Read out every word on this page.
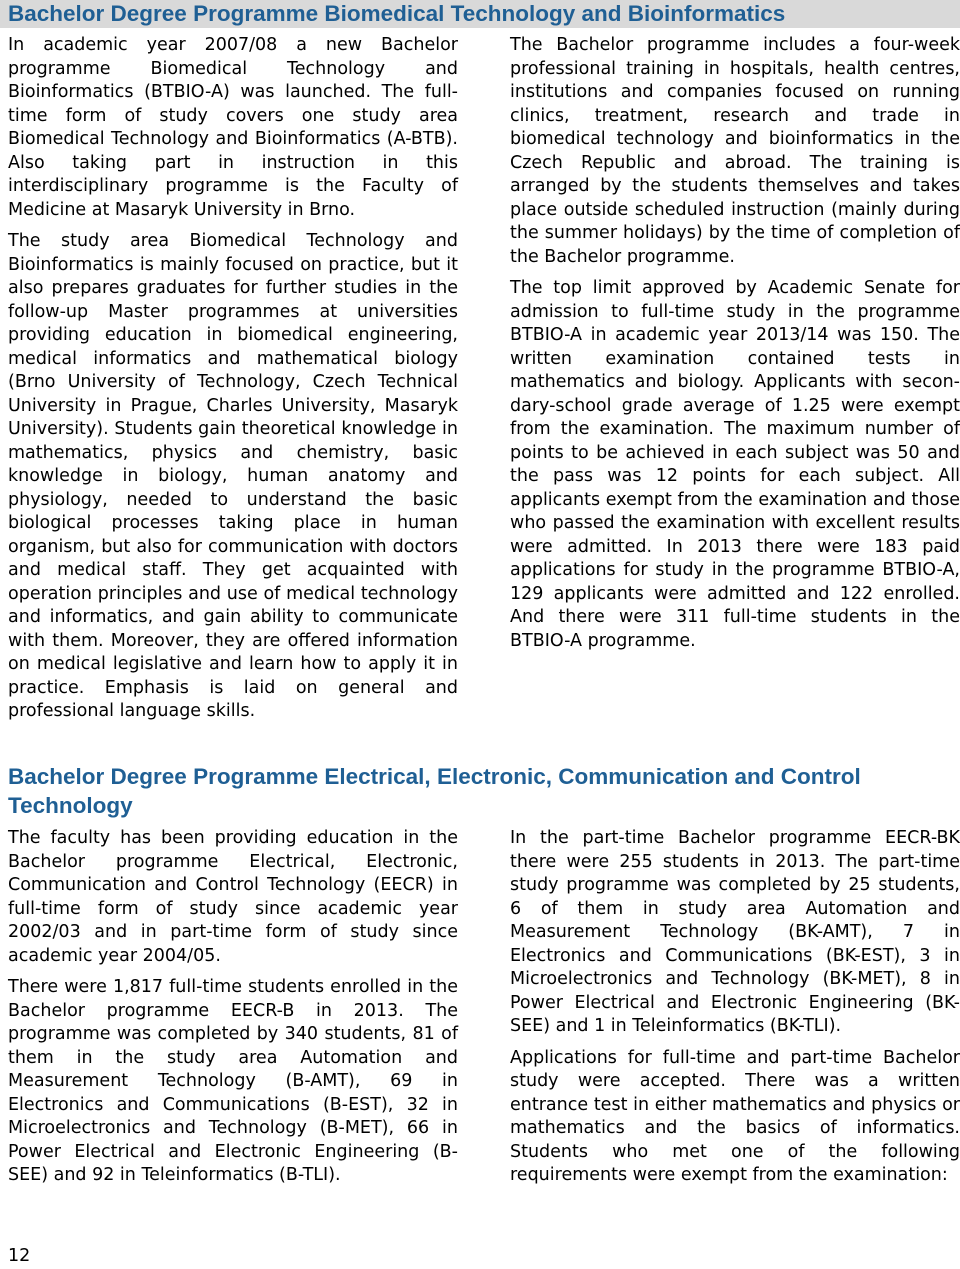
Bachelor Degree Programme Biomedical Technology and Bioinformatics

In academic year 2007/08 a new Bachelor programme Biomedical Technology and Bioinformatics (BTBIO-A) was launched. The full-time form of study covers one study area Biomedical Technology and Bioinformatics (A-BTB). Also taking part in instruction in this interdisciplinary programme is the Faculty of Medicine at Masaryk University in Brno.

The study area Biomedical Technology and Bioinformatics is mainly focused on practice, but it also prepares graduates for further studies in the follow-up Master programmes at universities providing education in biomedical engineering, medical informatics and mathematical biology (Brno University of Technology, Czech Technical University in Prague, Charles University, Masaryk University). Students gain theoretical knowledge in mathematics, physics and chemistry, basic knowledge in biology, human anatomy and physiology, needed to understand the basic biological processes taking place in human organism, but also for communication with doctors and medical staff. They get acquainted with operation principles and use of medical technology and informatics, and gain ability to communicate with them. Moreover, they are offered information on medical legislative and learn how to apply it in practice. Emphasis is laid on general and professional language skills.

The Bachelor programme includes a four-week professional training in hospitals, health centres, institutions and companies focused on running clinics, treatment, research and trade in biomedical technology and bioinformatics in the Czech Republic and abroad. The training is arranged by the students themselves and takes place outside scheduled instruction (mainly during the summer holidays) by the time of completion of the Bachelor programme.

The top limit approved by Academic Senate for admission to full-time study in the programme BTBIO-A in academic year 2013/14 was 150. The written examination contained tests in mathematics and biology. Applicants with secon-dary-school grade average of 1.25 were exempt from the examination. The maximum number of points to be achieved in each subject was 50 and the pass was 12 points for each subject. All applicants exempt from the examination and those who passed the examination with excellent results were admitted. In 2013 there were 183 paid applications for study in the programme BTBIO-A, 129 applicants were admitted and 122 enrolled. And there were 311 full-time students in the BTBIO-A programme.

Bachelor Degree Programme Electrical, Electronic, Communication and Control Technology

The faculty has been providing education in the Bachelor programme Electrical, Electronic, Communication and Control Technology (EECR) in full-time form of study since academic year 2002/03 and in part-time form of study since academic year 2004/05.

There were 1,817 full-time students enrolled in the Bachelor programme EECR-B in 2013. The programme was completed by 340 students, 81 of them in the study area Automation and Measurement Technology (B-AMT), 69 in Electronics and Communications (B-EST), 32 in Microelectronics and Technology (B-MET), 66 in Power Electrical and Electronic Engineering (B-SEE) and 92 in Teleinformatics (B-TLI).

In the part-time Bachelor programme EECR-BK there were 255 students in 2013. The part-time study programme was completed by 25 students, 6 of them in study area Automation and Measurement Technology (BK-AMT), 7 in Electronics and Communications (BK-EST), 3 in Microelectronics and Technology (BK-MET), 8 in Power Electrical and Electronic Engineering (BK-SEE) and 1 in Teleinformatics (BK-TLI).

Applications for full-time and part-time Bachelor study were accepted. There was a written entrance test in either mathematics and physics or mathematics and the basics of informatics. Students who met one of the following requirements were exempt from the examination:

12
